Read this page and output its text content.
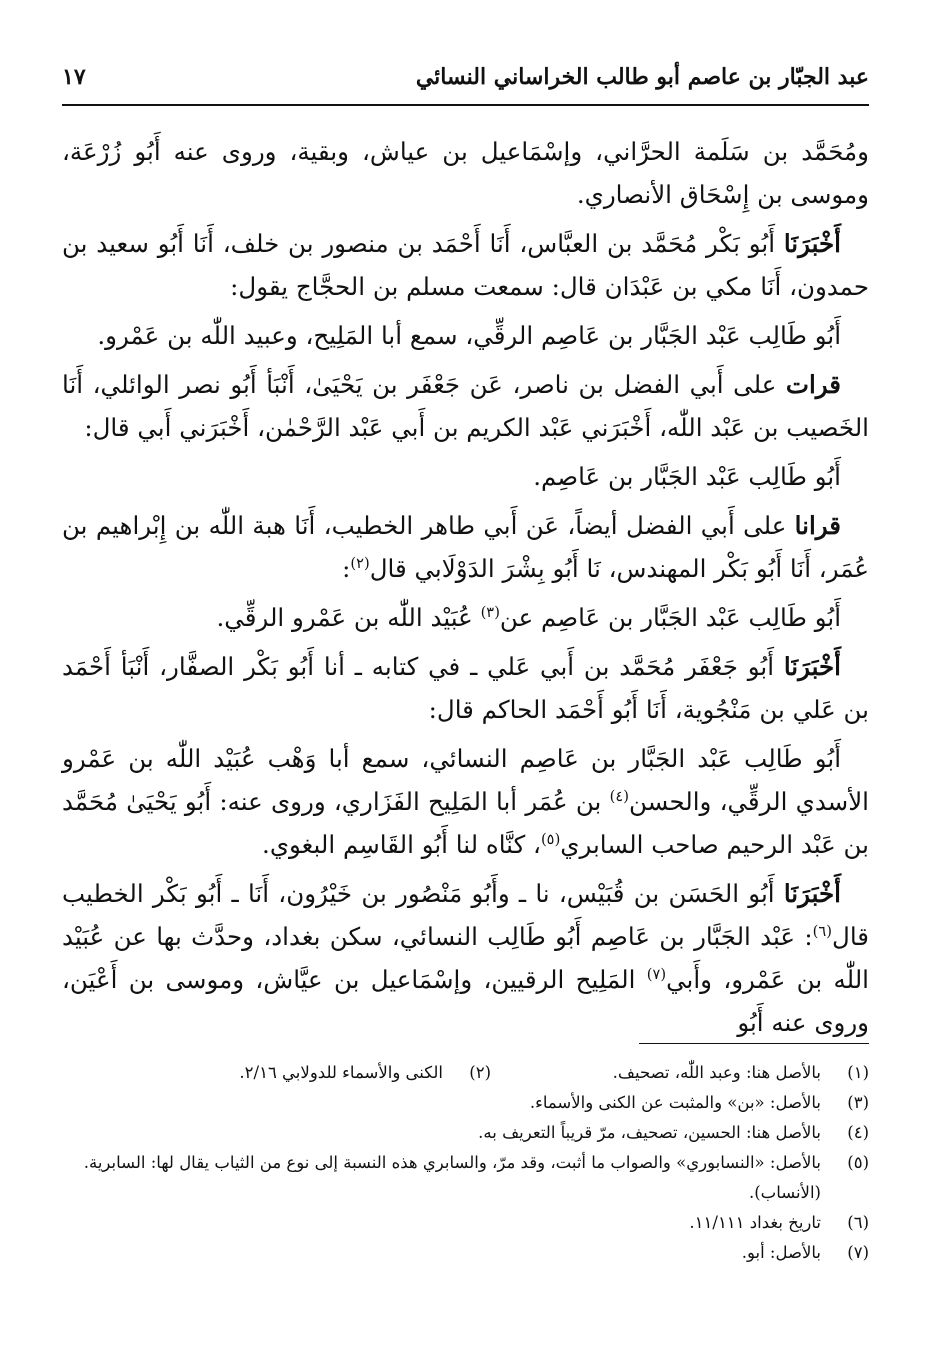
عبد الجبّار بن عاصم أبو طالب الخراساني النسائي
١٧

ومُحَمَّد بن سَلَمة الحرَّاني، وإسْمَاعيل بن عياش، وبقية، وروى عنه أَبُو زُرْعَة، وموسى بن إِسْحَاق الأنصاري.

أَخْبَرَنَا أَبُو بَكْر مُحَمَّد بن العبَّاس، أَنَا أَحْمَد بن منصور بن خلف، أَنَا أَبُو سعيد بن حمدون، أَنَا مكي بن عَبْدَان قال: سمعت مسلم بن الحجَّاج يقول:

أَبُو طَالِب عَبْد الجَبَّار بن عَاصِم الرقِّي، سمع أبا المَلِيح، وعبيد اللّٰه بن عَمْرو.

قرات على أَبي الفضل بن ناصر، عَن جَعْفَر بن يَحْيَىٰ، أَنْبَأ أَبُو نصر الوائلي، أَنَا الخَصيب بن عَبْد اللّٰه، أَخْبَرَني عَبْد الكريم بن أَبي عَبْد الرَّحْمٰن، أَخْبَرَني أَبي قال:

أَبُو طَالِب عَبْد الجَبَّار بن عَاصِم.

قرانا على أَبي الفضل أيضاً، عَن أَبي طاهر الخطيب، أَنَا هبة اللّٰه بن إِبْراهيم بن عُمَر، أَنَا أَبُو بَكْر المهندس، نَا أَبُو بِشْرَ الدَوْلَابي قال$^{(٢)}$:

أَبُو طَالِب عَبْد الجَبَّار بن عَاصِم عن$^{(٣)}$ عُبَيْد اللّٰه بن عَمْرو الرقِّي.

أَخْبَرَنَا أَبُو جَعْفَر مُحَمَّد بن أَبي عَلي ـ في كتابه ـ أنا أَبُو بَكْر الصفَّار، أَنْبَأ أَحْمَد بن عَلي بن مَنْجُوية، أَنَا أَبُو أَحْمَد الحاكم قال:

أَبُو طَالِب عَبْد الجَبَّار بن عَاصِم النسائي، سمع أبا وَهْب عُبَيْد اللّٰه بن عَمْرو الأسدي الرقِّي، والحسن$^{(٤)}$ بن عُمَر أبا المَلِيح الفَزَاري، وروى عنه: أَبُو يَحْيَىٰ مُحَمَّد بن عَبْد الرحيم صاحب السابري$^{(٥)}$، كنَّاه لنا أَبُو القَاسِم البغوي.

أَخْبَرَنَا أَبُو الحَسَن بن قُبَيْس، نا ـ وأَبُو مَنْصُور بن خَيْرُون، أَنَا ـ أَبُو بَكْر الخطيب قال$^{(٦)}$: عَبْد الجَبَّار بن عَاصِم أَبُو طَالِب النسائي، سكن بغداد، وحدَّث بها عن عُبَيْد اللّٰه بن عَمْرو، وأَبي$^{(٧)}$ المَلِيح الرقيين، وإسْمَاعيل بن عيَّاش، وموسى بن أَعْيَن، وروى عنه أَبُو

(١)
بالأصل هنا: وعبد اللّٰه، تصحيف.
(٢)
الكنى والأسماء للدولابي ٢/١٦.
(٣)
بالأصل: «بن» والمثبت عن الكنى والأسماء.
(٤)
بالأصل هنا: الحسين، تصحيف، مرّ قريباً التعريف به.
(٥)
بالأصل: «النسابوري» والصواب ما أثبت، وقد مرّ، والسابري هذه النسبة إلى نوع من الثياب يقال لها: السابرية. (الأنساب).
(٦)
تاريخ بغداد ١١/١١١.
(٧)
بالأصل: أبو.
